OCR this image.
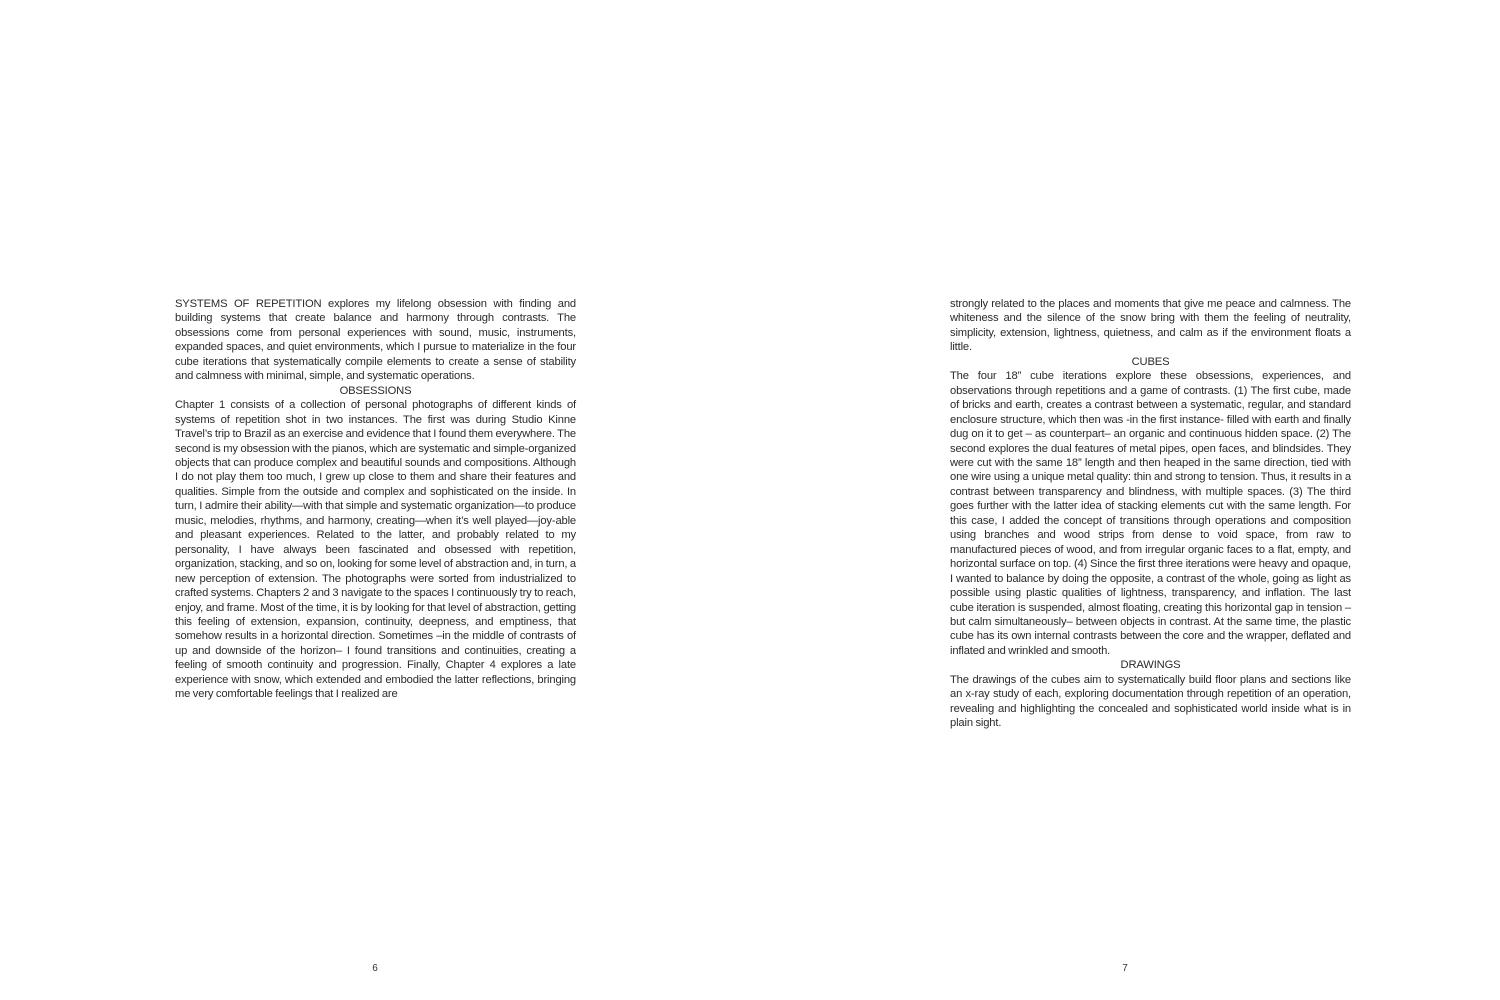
SYSTEMS OF REPETITION explores my lifelong obsession with finding and building systems that create balance and harmony through contrasts. The obsessions come from personal experiences with sound, music, instruments, expanded spaces, and quiet environments, which I pursue to materialize in the four cube iterations that systematically compile elements to create a sense of stability and calmness with minimal, simple, and systematic operations.

OBSESSIONS

Chapter 1 consists of a collection of personal photographs of different kinds of systems of repetition shot in two instances. The first was during Studio Kinne Travel’s trip to Brazil as an exercise and evidence that I found them everywhere. The second is my obsession with the pianos, which are systematic and simple-organized objects that can produce complex and beautiful sounds and compositions. Although I do not play them too much, I grew up close to them and share their features and qualities. Simple from the outside and complex and sophisticated on the inside. In turn, I admire their ability—with that simple and systematic organization—to produce music, melodies, rhythms, and harmony, creating—when it’s well played—joy-able and pleasant experiences. Related to the latter, and probably related to my personality, I have always been fascinated and obsessed with repetition, organization, stacking, and so on, looking for some level of abstraction and, in turn, a new perception of extension. The photographs were sorted from industrialized to crafted systems. Chapters 2 and 3 navigate to the spaces I continuously try to reach, enjoy, and frame. Most of the time, it is by looking for that level of abstraction, getting this feeling of extension, expansion, continuity, deepness, and emptiness, that somehow results in a horizontal direction. Sometimes –in the middle of contrasts of up and downside of the horizon– I found transitions and continuities, creating a feeling of smooth continuity and progression. Finally, Chapter 4 explores a late experience with snow, which extended and embodied the latter reflections, bringing me very comfortable feelings that I realized are

6

strongly related to the places and moments that give me peace and calmness. The whiteness and the silence of the snow bring with them the feeling of neutrality, simplicity, extension, lightness, quietness, and calm as if the environment floats a little.

CUBES

The four 18” cube iterations explore these obsessions, experiences, and observations through repetitions and a game of contrasts. (1) The first cube, made of bricks and earth, creates a contrast between a systematic, regular, and standard enclosure structure, which then was -in the first instance- filled with earth and finally dug on it to get – as counterpart– an organic and continuous hidden space. (2) The second explores the dual features of metal pipes, open faces, and blindsides. They were cut with the same 18” length and then heaped in the same direction, tied with one wire using a unique metal quality: thin and strong to tension. Thus, it results in a contrast between transparency and blindness, with multiple spaces. (3) The third goes further with the latter idea of stacking elements cut with the same length. For this case, I added the concept of transitions through operations and composition using branches and wood strips from dense to void space, from raw to manufactured pieces of wood, and from irregular organic faces to a flat, empty, and horizontal surface on top. (4) Since the first three iterations were heavy and opaque, I wanted to balance by doing the opposite, a contrast of the whole, going as light as possible using plastic qualities of lightness, transparency, and inflation. The last cube iteration is suspended, almost floating, creating this horizontal gap in tension –but calm simultaneously– between objects in contrast. At the same time, the plastic cube has its own internal contrasts between the core and the wrapper, deflated and inflated and wrinkled and smooth.

DRAWINGS

The drawings of the cubes aim to systematically build floor plans and sections like an x-ray study of each, exploring documentation through repetition of an operation, revealing and highlighting the concealed and sophisticated world inside what is in plain sight.

7
